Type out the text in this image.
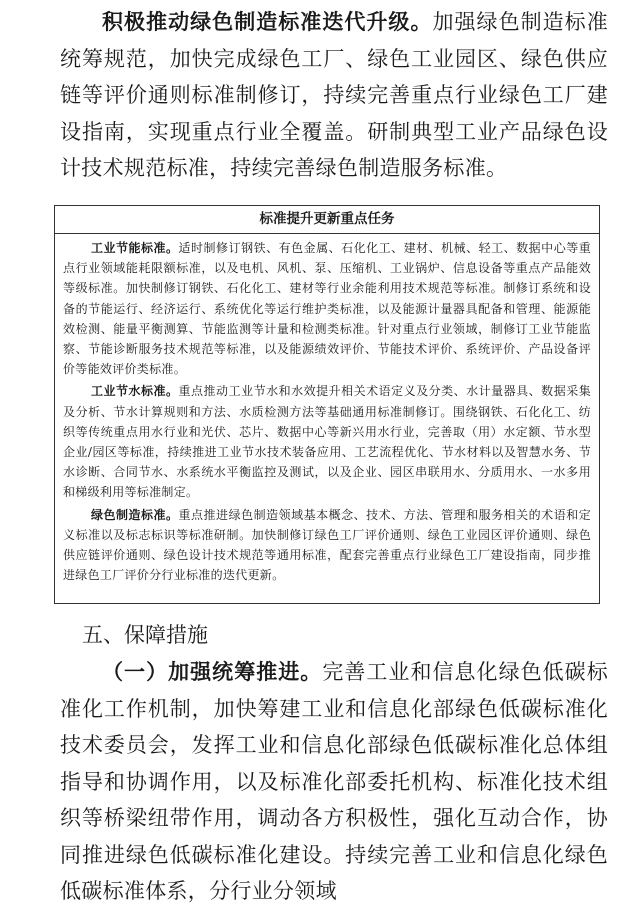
积极推动绿色制造标准迭代升级。加强绿色制造标准统筹规范，加快完成绿色工厂、绿色工业园区、绿色供应链等评价通则标准制修订，持续完善重点行业绿色工厂建设指南，实现重点行业全覆盖。研制典型工业产品绿色设计技术规范标准，持续完善绿色制造服务标准。

标准提升更新重点任务

工业节能标准。适时制修订钢铁、有色金属、石化化工、建材、机械、轻工、数据中心等重点行业领域能耗限额标准，以及电机、风机、泵、压缩机、工业锅炉、信息设备等重点产品能效等级标准。加快制修订钢铁、石化化工、建材等行业余能利用技术规范等标准。制修订系统和设备的节能运行、经济运行、系统优化等运行维护类标准，以及能源计量器具配备和管理、能源能效检测、能量平衡测算、节能监测等计量和检测类标准。针对重点行业领域，制修订工业节能监察、节能诊断服务技术规范等标准，以及能源绩效评价、节能技术评价、系统评价、产品设备评价等能效评价类标准。

工业节水标准。重点推动工业节水和水效提升相关术语定义及分类、水计量器具、数据采集及分析、节水计算规则和方法、水质检测方法等基础通用标准制修订。围绕钢铁、石化化工、纺织等传统重点用水行业和光伏、芯片、数据中心等新兴用水行业，完善取（用）水定额、节水型企业/园区等标准，持续推进工业节水技术装备应用、工艺流程优化、节水材料以及智慧水务、节水诊断、合同节水、水系统水平衡监控及测试，以及企业、园区串联用水、分质用水、一水多用和梯级利用等标准制定。

绿色制造标准。重点推进绿色制造领域基本概念、技术、方法、管理和服务相关的术语和定义标准以及标志标识等标准研制。加快制修订绿色工厂评价通则、绿色工业园区评价通则、绿色供应链评价通则、绿色设计技术规范等通用标准，配套完善重点行业绿色工厂建设指南，同步推进绿色工厂评价分行业标准的迭代更新。

五、保障措施

（一）加强统筹推进。完善工业和信息化绿色低碳标准化工作机制，加快筹建工业和信息化部绿色低碳标准化技术委员会，发挥工业和信息化部绿色低碳标准化总体组指导和协调作用，以及标准化部委托机构、标准化技术组织等桥梁纽带作用，调动各方积极性，强化互动合作，协同推进绿色低碳标准化建设。持续完善工业和信息化绿色低碳标准体系，分行业分领域
